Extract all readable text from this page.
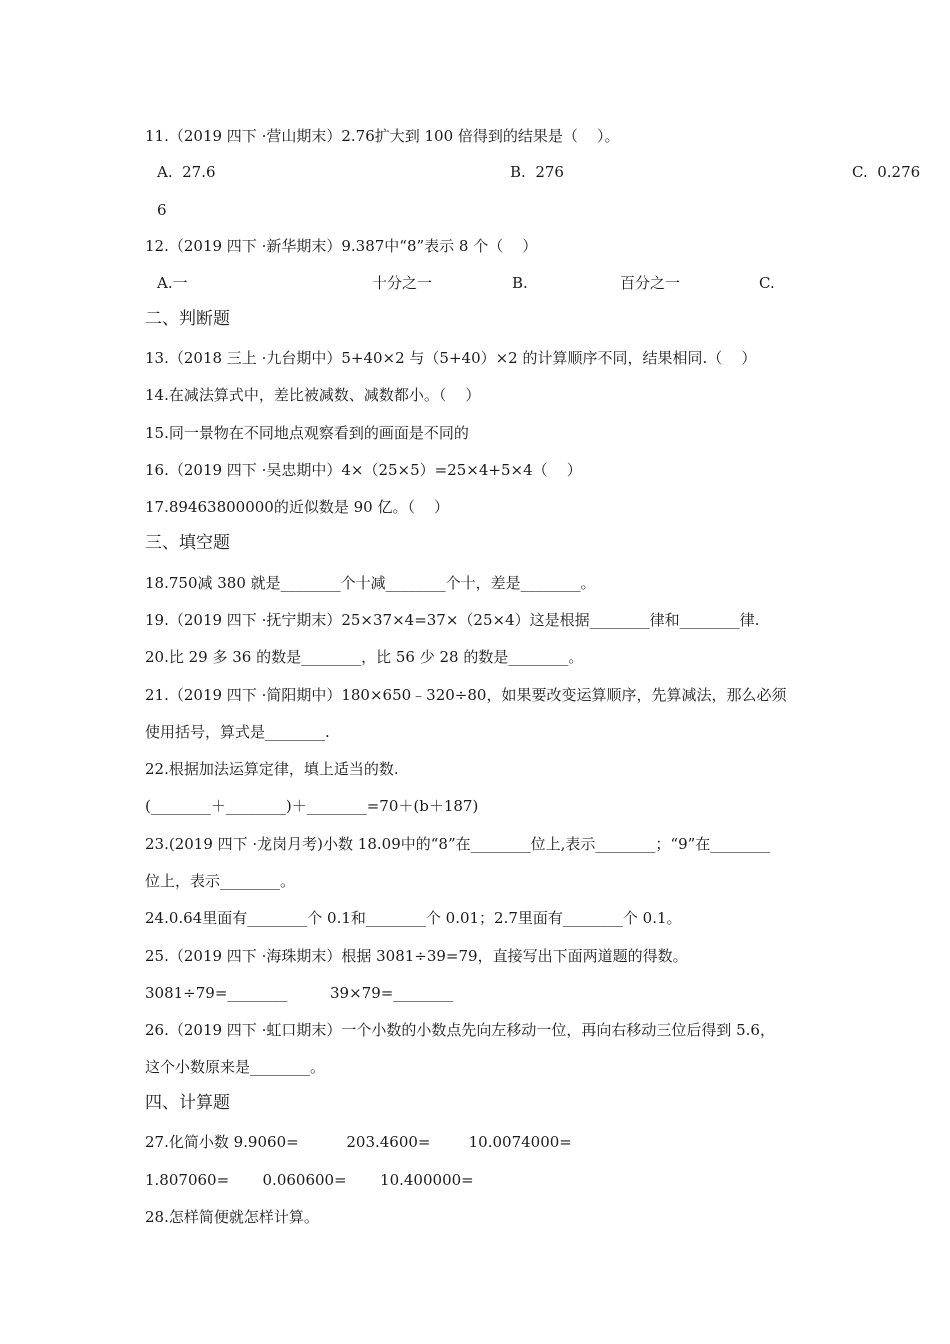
11.（2019 四下 ·营山期末）2.76扩大到 100 倍得到的结果是（    ）。
A.  27.6	B.  276	C.  0.276
6
12.（2019 四下 ·新华期末）9.387中“8”表示 8 个（    ）
A.一	十分之一	B.	百分之一	C.
二、判断题
13.（2018 三上 ·九台期中）5+40×2 与（5+40）×2 的计算顺序不同，结果相同.（    ）
14.在减法算式中，差比被减数、减数都小。（    ）
15.同一景物在不同地点观察看到的画面是不同的
16.（2019 四下 ·吴忠期中）4×（25×5）=25×4+5×4（    ）
17.89463800000的近似数是 90 亿。（    ）
三、填空题
18.750减 380 就是________个十减________个十，差是________。
19.（2019 四下 ·抚宁期末）25×37×4=37×（25×4）这是根据________律和________律.
20.比 29 多 36 的数是________，比 56 少 28 的数是________。
21.（2019 四下 ·简阳期中）180×650﹣320÷80，如果要改变运算顺序，先算减法，那么必须
使用括号，算式是________.
22.根据加法运算定律，填上适当的数.
(________＋________)＋________=70＋(b＋187)
23.(2019 四下 ·龙岗月考)小数 18.09中的“8”在________位上,表示________；“9”在________
位上，表示________。
24.0.64里面有________个 0.1和________个 0.01；2.7里面有________个 0.1。
25.（2019 四下 ·海珠期末）根据 3081÷39=79，直接写出下面两道题的得数。
3081÷79=________	39×79=________
26.（2019 四下 ·虹口期末）一个小数的小数点先向左移动一位，再向右移动三位后得到 5.6，
这个小数原来是________。
四、计算题
27.化简小数 9.9060=          203.4600=        10.0074000=
1.807060=       0.060600=       10.400000=
28.怎样简便就怎样计算。
